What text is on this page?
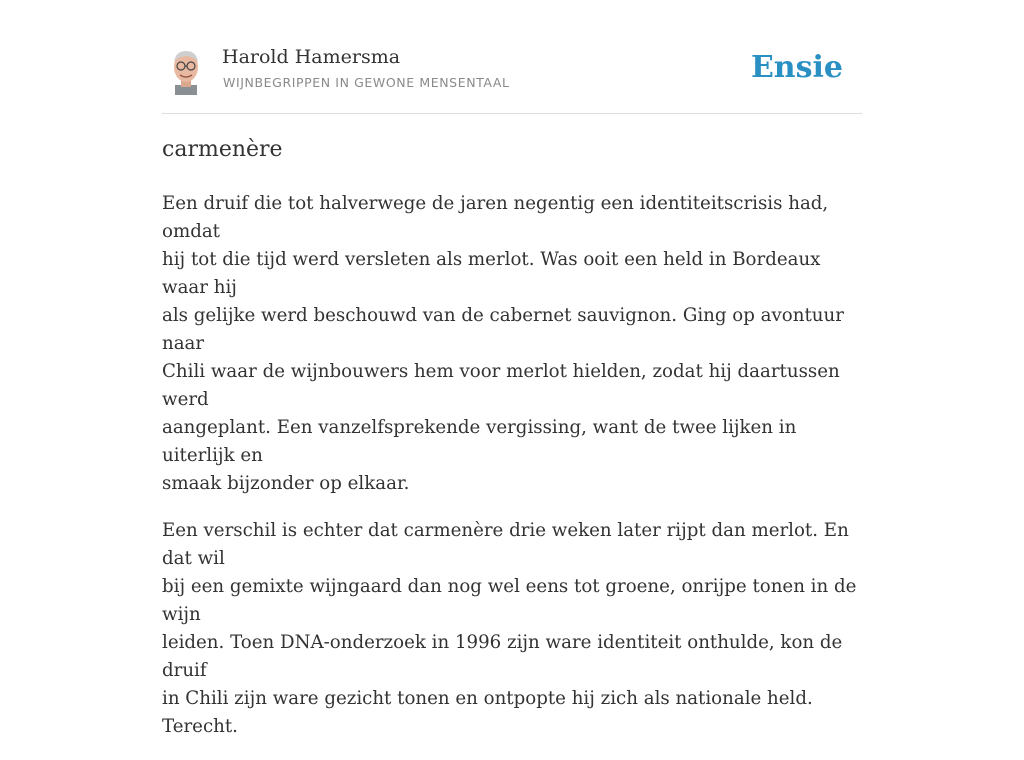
Harold Hamersma
WIJNBEGRIPPEN IN GEWONE MENSENTAAL	Ensie
carmenère

Een druif die tot halverwege de jaren negentig een identiteitscrisis had, omdat
hij tot die tijd werd versleten als merlot. Was ooit een held in Bordeaux waar hij
als gelijke werd beschouwd van de cabernet sauvignon. Ging op avontuur naar
Chili waar de wijnbouwers hem voor merlot hielden, zodat hij daartussen werd
aangeplant. Een vanzelfsprekende vergissing, want de twee lijken in uiterlijk en
smaak bijzonder op elkaar.

Een verschil is echter dat carmenère drie weken later rijpt dan merlot. En dat wil
bij een gemixte wijngaard dan nog wel eens tot groene, onrijpe tonen in de wijn
leiden. Toen DNA-onderzoek in 1996 zijn ware identiteit onthulde, kon de druif
in Chili zijn ware gezicht tonen en ontpopte hij zich als nationale held. Terecht.
